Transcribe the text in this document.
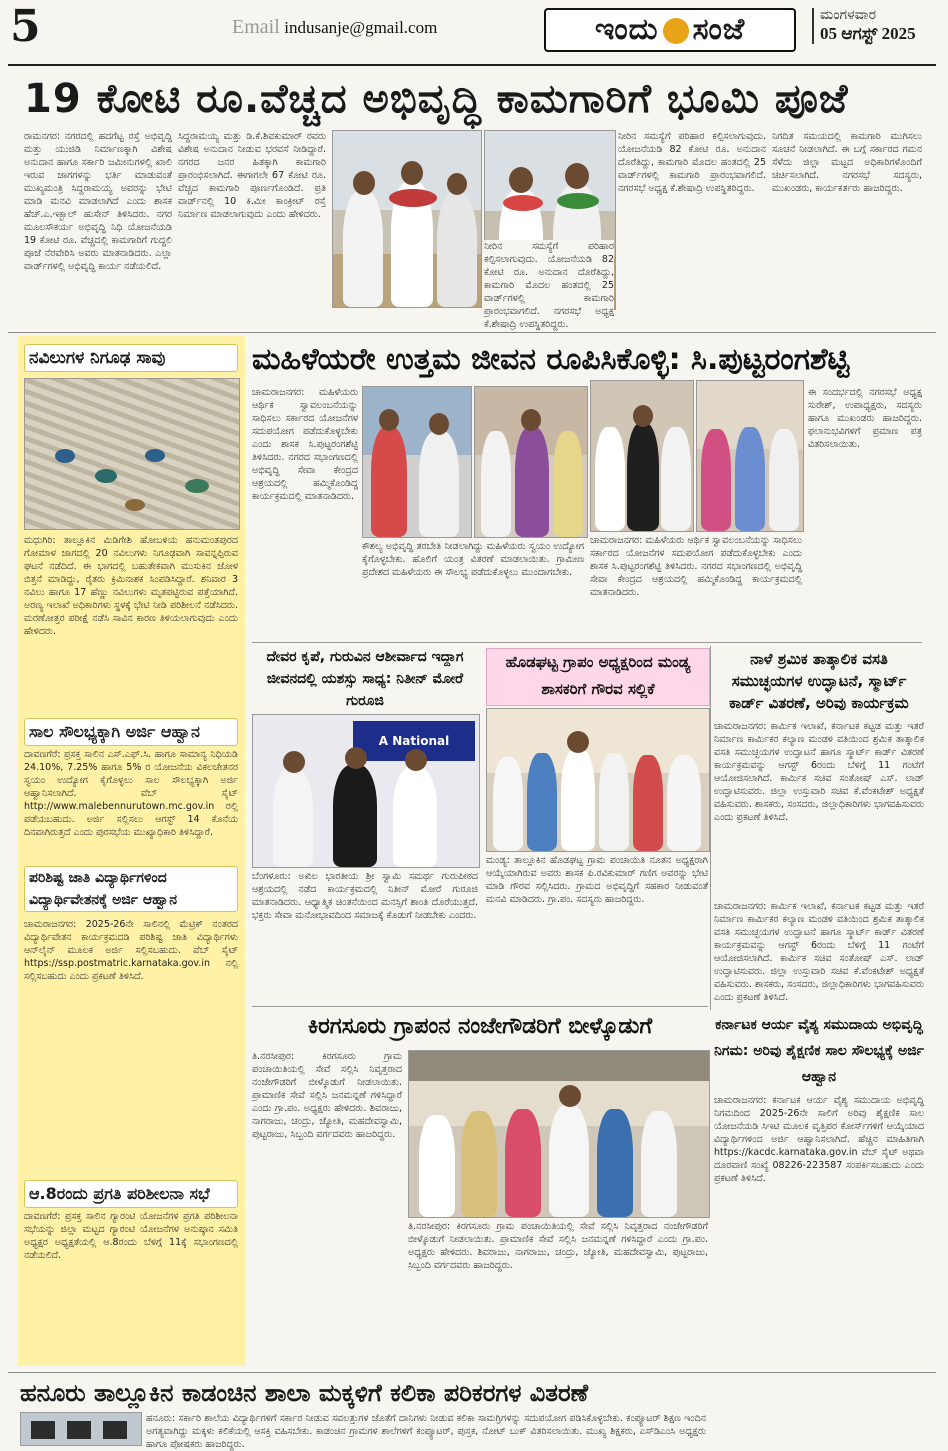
5	Email indusanje@gmail.com	ಇಂದು ಸಂಜೆ	ಮಂಗಳವಾರ
05 ಆಗಸ್ಟ್ 2025
19 ಕೋಟಿ ರೂ.ವೆಚ್ಚದ ಅಭಿವೃದ್ಧಿ ಕಾಮಗಾರಿಗೆ ಭೂಮಿ ಪೂಜೆ

ರಾಮನಗರ: ನಗರದಲ್ಲಿ ಹದಗೆಟ್ಟ ರಸ್ತೆ ಅಭಿವೃದ್ಧಿ ಮತ್ತು ಯುಜಿಡಿ ನಿರ್ಮಾಣಕ್ಕಾಗಿ ವಿಶೇಷ ಅನುದಾನ ಹಾಗೂ ಸರ್ಕಾರಿ ಜಮೀನುಗಳಲ್ಲಿ ಖಾಲಿ ಇರುವ ಜಾಗಗಳನ್ನು ಭರ್ತಿ ಮಾಡುವಂತೆ ಮುಖ್ಯಮಂತ್ರಿ ಸಿದ್ದರಾಮಯ್ಯ ಅವರನ್ನು ಭೇಟಿ ಮಾಡಿ ಮನವಿ ಮಾಡಲಾಗಿದೆ ಎಂದು ಶಾಸಕ ಹೆಚ್.ಎ.ಇಕ್ಬಾಲ್ ಹುಸೇನ್ ತಿಳಿಸಿದರು. ನಗರ ಮೂಲಸೌಕರ್ಯ ಅಭಿವೃದ್ಧಿ ನಿಧಿ ಯೋಜನೆಯಡಿ 19 ಕೋಟಿ ರೂ. ವೆಚ್ಚದಲ್ಲಿ ಕಾಮಗಾರಿಗೆ ಗುದ್ದಲಿ ಪೂಜೆ ನೆರವೇರಿಸಿ ಅವರು ಮಾತನಾಡಿದರು. ಎಲ್ಲಾ ವಾರ್ಡ್‌ಗಳಲ್ಲಿ ಅಭಿವೃದ್ಧಿ ಕಾರ್ಯ ನಡೆಯಲಿದೆ.

ಸಿದ್ದರಾಮಯ್ಯ ಮತ್ತು ಡಿ.ಕೆ.ಶಿವಕುಮಾರ್ ರವರು ವಿಶೇಷ ಅನುದಾನ ನೀಡುವ ಭರವಸೆ ನೀಡಿದ್ದಾರೆ. ನಗರದ ಜನರ ಹಿತಕ್ಕಾಗಿ ಕಾಮಗಾರಿ ಪ್ರಾರಂಭಿಸಲಾಗಿದೆ. ಈಗಾಗಲೇ 67 ಕೋಟಿ ರೂ. ವೆಚ್ಚದ ಕಾಮಗಾರಿ ಪೂರ್ಣಗೊಂಡಿದೆ. ಪ್ರತಿ ವಾರ್ಡ್‌ನಲ್ಲಿ 10 ಕಿ.ಮೀ ಕಾಂಕ್ರೀಟ್ ರಸ್ತೆ ನಿರ್ಮಾಣ ಮಾಡಲಾಗುವುದು ಎಂದು ಹೇಳಿದರು.

ನೀರಿನ ಸಮಸ್ಯೆಗೆ ಪರಿಹಾರ ಕಲ್ಪಿಸಲಾಗುವುದು. ಯೋಜನೆಯಡಿ 82 ಕೋಟಿ ರೂ. ಅನುದಾನ ದೊರೆತಿದ್ದು, ಕಾಮಗಾರಿ ಮೊದಲ ಹಂತದಲ್ಲಿ 25 ವಾರ್ಡ್‌ಗಳಲ್ಲಿ ಕಾಮಗಾರಿ ಪ್ರಾರಂಭವಾಗಲಿದೆ. ನಗರಸಭೆ ಅಧ್ಯಕ್ಷ ಕೆ.ಶೇಷಾದ್ರಿ ಉಪಸ್ಥಿತರಿದ್ದರು.

ನೀರಿನ ಸಮಸ್ಯೆಗೆ ಪರಿಹಾರ ಕಲ್ಪಿಸಲಾಗುವುದು. ಯೋಜನೆಯಡಿ 82 ಕೋಟಿ ರೂ. ಅನುದಾನ ದೊರೆತಿದ್ದು, ಕಾಮಗಾರಿ ಮೊದಲ ಹಂತದಲ್ಲಿ 25 ವಾರ್ಡ್‌ಗಳಲ್ಲಿ ಕಾಮಗಾರಿ ಪ್ರಾರಂಭವಾಗಲಿದೆ. ನಗರಸಭೆ ಅಧ್ಯಕ್ಷ ಕೆ.ಶೇಷಾದ್ರಿ ಉಪಸ್ಥಿತರಿದ್ದರು.

ನಿಗದಿತ ಸಮಯದಲ್ಲಿ ಕಾಮಗಾರಿ ಮುಗಿಸಲು ಸೂಚನೆ ನೀಡಲಾಗಿದೆ. ಈ ಬಗ್ಗೆ ಸರ್ಕಾರದ ಗಮನ ಸೆಳೆದು ಜಿಲ್ಲಾ ಮಟ್ಟದ ಅಧಿಕಾರಿಗಳೊಂದಿಗೆ ಚರ್ಚಿಸಲಾಗಿದೆ. ನಗರಸಭೆ ಸದಸ್ಯರು, ಮುಖಂಡರು, ಕಾರ್ಯಕರ್ತರು ಹಾಜರಿದ್ದರು.

ನವಿಲುಗಳ ನಿಗೂಢ ಸಾವು

ಮಧುಗಿರಿ: ತಾಲ್ಲೂಕಿನ ಮಿಡಿಗೇಶಿ ಹೋಬಳಿಯ ಹನುಮಂತಪುರದ ಗೋಮಾಳ ಜಾಗದಲ್ಲಿ 20 ನವಿಲುಗಳು ನಿಗೂಢವಾಗಿ ಸಾವನ್ನಪ್ಪಿರುವ ಘಟನೆ ನಡೆದಿದೆ. ಈ ಭಾಗದಲ್ಲಿ ಬಹುತೇಕವಾಗಿ ಮುಸುಕಿನ ಜೋಳ ಬಿತ್ತನೆ ಮಾಡಿದ್ದು, ರೈತರು ಕ್ರಿಮಿನಾಶಕ ಸಿಂಪಡಿಸಿದ್ದಾರೆ. ಶನಿವಾರ 3 ನವಿಲು ಹಾಗೂ 17 ಹೆಣ್ಣು ನವಿಲುಗಳು ಮೃತಪಟ್ಟಿರುವ ಪತ್ತೆಯಾಗಿದೆ. ಅರಣ್ಯ ಇಲಾಖೆ ಅಧಿಕಾರಿಗಳು ಸ್ಥಳಕ್ಕೆ ಭೇಟಿ ನೀಡಿ ಪರಿಶೀಲನೆ ನಡೆಸಿದರು. ಮರಣೋತ್ತರ ಪರೀಕ್ಷೆ ನಡೆಸಿ ಸಾವಿನ ಕಾರಣ ತಿಳಿಯಲಾಗುವುದು ಎಂದು ಹೇಳಿದರು.

ಸಾಲ ಸೌಲಭ್ಯಕ್ಕಾಗಿ ಅರ್ಜಿ ಆಹ್ವಾನ

ದಾವಣಗೆರೆ: ಪ್ರಸಕ್ತ ಸಾಲಿನ ಎಸ್.ಎಫ್.ಸಿ. ಹಾಗೂ ಸಾಮಾನ್ಯ ನಿಧಿಯಡಿ 24.10%, 7.25% ಹಾಗೂ 5% ರ ಯೋಜನೆಯ ವಿಕಲಚೇತನರ ಸ್ವಯಂ ಉದ್ಯೋಗ ಕೈಗೊಳ್ಳಲು ಸಾಲ ಸೌಲಭ್ಯಕ್ಕಾಗಿ ಅರ್ಜಿ ಆಹ್ವಾನಿಸಲಾಗಿದೆ. ವೆಬ್ ಸೈಟ್ http://www.malebennurutown.mc.gov.in ರಲ್ಲಿ ಪಡೆಯಬಹುದು. ಅರ್ಜಿ ಸಲ್ಲಿಸಲು ಆಗಸ್ಟ್ 14 ಕೊನೆಯ ದಿನವಾಗಿರುತ್ತದೆ ಎಂದು ಪುರಸಭೆಯ ಮುಖ್ಯಾಧಿಕಾರಿ ತಿಳಿಸಿದ್ದಾರೆ.

ಪರಿಶಿಷ್ಟ ಜಾತಿ ವಿದ್ಯಾರ್ಥಿಗಳಿಂದ ವಿದ್ಯಾರ್ಥಿವೇತನಕ್ಕೆ ಅರ್ಜಿ ಆಹ್ವಾನ

ಚಾಮರಾಜನಗರ: 2025-26ನೇ ಸಾಲಿನಲ್ಲಿ ಮೆಟ್ರಿಕ್ ನಂತರದ ವಿದ್ಯಾರ್ಥಿವೇತನ ಕಾರ್ಯಕ್ರಮದಡಿ ಪರಿಶಿಷ್ಟ ಜಾತಿ ವಿದ್ಯಾರ್ಥಿಗಳು ಆನ್‌ಲೈನ್ ಮೂಲಕ ಅರ್ಜಿ ಸಲ್ಲಿಸಬಹುದು. ವೆಬ್ ಸೈಟ್ https://ssp.postmatric.karnataka.gov.in ನಲ್ಲಿ ಸಲ್ಲಿಸಬಹುದು ಎಂದು ಪ್ರಕಟಣೆ ತಿಳಿಸಿದೆ.

ಆ.8ರಂದು ಪ್ರಗತಿ ಪರಿಶೀಲನಾ ಸಭೆ

ದಾವಣಗೆರೆ: ಪ್ರಸಕ್ತ ಸಾಲಿನ ಗ್ಯಾರಂಟಿ ಯೋಜನೆಗಳ ಪ್ರಗತಿ ಪರಿಶೀಲನಾ ಸಭೆಯನ್ನು ಜಿಲ್ಲಾ ಮಟ್ಟದ ಗ್ಯಾರಂಟಿ ಯೋಜನೆಗಳ ಅನುಷ್ಠಾನ ಸಮಿತಿ ಅಧ್ಯಕ್ಷರ ಅಧ್ಯಕ್ಷತೆಯಲ್ಲಿ ಆ.8ರಂದು ಬೆಳಿಗ್ಗೆ 11ಕ್ಕೆ ಸಭಾಂಗಣದಲ್ಲಿ ನಡೆಯಲಿದೆ.

ಮಹಿಳೆಯರೇ ಉತ್ತಮ ಜೀವನ ರೂಪಿಸಿಕೊಳ್ಳಿ: ಸಿ.ಪುಟ್ಟರಂಗಶೆಟ್ಟಿ

ಚಾಮರಾಜನಗರ: ಮಹಿಳೆಯರು ಆರ್ಥಿಕ ಸ್ವಾವಲಂಬನೆಯನ್ನು ಸಾಧಿಸಲು ಸರ್ಕಾರದ ಯೋಜನೆಗಳ ಸದುಪಯೋಗ ಪಡೆದುಕೊಳ್ಳಬೇಕು ಎಂದು ಶಾಸಕ ಸಿ.ಪುಟ್ಟರಂಗಶೆಟ್ಟಿ ತಿಳಿಸಿದರು. ನಗರದ ಸಭಾಂಗಣದಲ್ಲಿ ಅಭಿವೃದ್ಧಿ ಸೇವಾ ಕೇಂದ್ರದ ಆಶ್ರಯದಲ್ಲಿ ಹಮ್ಮಿಕೊಂಡಿದ್ದ ಕಾರ್ಯಕ್ರಮದಲ್ಲಿ ಮಾತನಾಡಿದರು.

ಕೌಶಲ್ಯ ಅಭಿವೃದ್ಧಿ ತರಬೇತಿ ನೀಡಲಾಗಿದ್ದು ಮಹಿಳೆಯರು ಸ್ವಯಂ ಉದ್ಯೋಗ ಕೈಗೊಳ್ಳಬೇಕು. ಹೊಲಿಗೆ ಯಂತ್ರ ವಿತರಣೆ ಮಾಡಲಾಯಿತು. ಗ್ರಾಮೀಣ ಪ್ರದೇಶದ ಮಹಿಳೆಯರು ಈ ಸೌಲಭ್ಯ ಪಡೆದುಕೊಳ್ಳಲು ಮುಂದಾಗಬೇಕು.

ಚಾಮರಾಜನಗರ: ಮಹಿಳೆಯರು ಆರ್ಥಿಕ ಸ್ವಾವಲಂಬನೆಯನ್ನು ಸಾಧಿಸಲು ಸರ್ಕಾರದ ಯೋಜನೆಗಳ ಸದುಪಯೋಗ ಪಡೆದುಕೊಳ್ಳಬೇಕು ಎಂದು ಶಾಸಕ ಸಿ.ಪುಟ್ಟರಂಗಶೆಟ್ಟಿ ತಿಳಿಸಿದರು. ನಗರದ ಸಭಾಂಗಣದಲ್ಲಿ ಅಭಿವೃದ್ಧಿ ಸೇವಾ ಕೇಂದ್ರದ ಆಶ್ರಯದಲ್ಲಿ ಹಮ್ಮಿಕೊಂಡಿದ್ದ ಕಾರ್ಯಕ್ರಮದಲ್ಲಿ ಮಾತನಾಡಿದರು.

ಈ ಸಂದರ್ಭದಲ್ಲಿ ನಗರಸಭೆ ಅಧ್ಯಕ್ಷ ಸುರೇಶ್, ಉಪಾಧ್ಯಕ್ಷರು, ಸದಸ್ಯರು ಹಾಗೂ ಮುಖಂಡರು ಹಾಜರಿದ್ದರು. ಫಲಾನುಭವಿಗಳಿಗೆ ಪ್ರಮಾಣ ಪತ್ರ ವಿತರಿಸಲಾಯಿತು.

ದೇವರ ಕೃಪೆ, ಗುರುವಿನ ಆಶೀರ್ವಾದ ಇದ್ದಾಗ ಜೀವನದಲ್ಲಿ ಯಶಸ್ಸು ಸಾಧ್ಯ: ನಿತೀನ್ ಮೋರೆ ಗುರೂಜಿ
A National

ಬೆಂಗಳೂರು: ಅಖಿಲ ಭಾರತೀಯ ಶ್ರೀ ಸ್ವಾಮಿ ಸಮರ್ಥ ಗುರುಪೀಠದ ಆಶ್ರಯದಲ್ಲಿ ನಡೆದ ಕಾರ್ಯಕ್ರಮದಲ್ಲಿ ನಿತೀನ್ ಮೋರೆ ಗುರೂಜಿ ಮಾತನಾಡಿದರು. ಆಧ್ಯಾತ್ಮಿಕ ಚಿಂತನೆಯಿಂದ ಮನಸ್ಸಿಗೆ ಶಾಂತಿ ದೊರೆಯುತ್ತದೆ. ಭಕ್ತರು ಸೇವಾ ಮನೋಭಾವದಿಂದ ಸಮಾಜಕ್ಕೆ ಕೊಡುಗೆ ನೀಡಬೇಕು ಎಂದರು.

ಹೊಡಘಟ್ಟ ಗ್ರಾಪಂ ಅಧ್ಯಕ್ಷರಿಂದ ಮಂಡ್ಯ ಶಾಸಕರಿಗೆ ಗೌರವ ಸಲ್ಲಿಕೆ

ಮಂಡ್ಯ: ತಾಲ್ಲೂಕಿನ ಹೊಡಘಟ್ಟ ಗ್ರಾಮ ಪಂಚಾಯಿತಿ ನೂತನ ಅಧ್ಯಕ್ಷರಾಗಿ ಆಯ್ಕೆಯಾಗಿರುವ ಅವರು ಶಾಸಕ ಪಿ.ರವಿಕುಮಾರ್ ಗಣಿಗ ಅವರನ್ನು ಭೇಟಿ ಮಾಡಿ ಗೌರವ ಸಲ್ಲಿಸಿದರು. ಗ್ರಾಮದ ಅಭಿವೃದ್ಧಿಗೆ ಸಹಕಾರ ನೀಡುವಂತೆ ಮನವಿ ಮಾಡಿದರು. ಗ್ರಾ.ಪಂ. ಸದಸ್ಯರು ಹಾಜರಿದ್ದರು.

ನಾಳೆ ಶ್ರಮಿಕ ತಾತ್ಕಾಲಿಕ ವಸತಿ ಸಮುಚ್ಛಯಗಳ ಉದ್ಘಾಟನೆ, ಸ್ಮಾರ್ಟ್ ಕಾರ್ಡ್ ವಿತರಣೆ, ಅರಿವು ಕಾರ್ಯಕ್ರಮ

ಚಾಮರಾಜನಗರ: ಕಾರ್ಮಿಕ ಇಲಾಖೆ, ಕರ್ನಾಟಕ ಕಟ್ಟಡ ಮತ್ತು ಇತರೆ ನಿರ್ಮಾಣ ಕಾರ್ಮಿಕರ ಕಲ್ಯಾಣ ಮಂಡಳಿ ವತಿಯಿಂದ ಶ್ರಮಿಕ ತಾತ್ಕಾಲಿಕ ವಸತಿ ಸಮುಚ್ಛಯಗಳ ಉದ್ಘಾಟನೆ ಹಾಗೂ ಸ್ಮಾರ್ಟ್ ಕಾರ್ಡ್ ವಿತರಣೆ ಕಾರ್ಯಕ್ರಮವನ್ನು ಆಗಸ್ಟ್ 6ರಂದು ಬೆಳಿಗ್ಗೆ 11 ಗಂಟೆಗೆ ಆಯೋಜಿಸಲಾಗಿದೆ. ಕಾರ್ಮಿಕ ಸಚಿವ ಸಂತೋಷ್ ಎಸ್. ಲಾಡ್ ಉದ್ಘಾಟಿಸುವರು. ಜಿಲ್ಲಾ ಉಸ್ತುವಾರಿ ಸಚಿವ ಕೆ.ವೆಂಕಟೇಶ್ ಅಧ್ಯಕ್ಷತೆ ವಹಿಸುವರು. ಶಾಸಕರು, ಸಂಸದರು, ಜಿಲ್ಲಾಧಿಕಾರಿಗಳು ಭಾಗವಹಿಸುವರು ಎಂದು ಪ್ರಕಟಣೆ ತಿಳಿಸಿದೆ.

ಚಾಮರಾಜನಗರ: ಕಾರ್ಮಿಕ ಇಲಾಖೆ, ಕರ್ನಾಟಕ ಕಟ್ಟಡ ಮತ್ತು ಇತರೆ ನಿರ್ಮಾಣ ಕಾರ್ಮಿಕರ ಕಲ್ಯಾಣ ಮಂಡಳಿ ವತಿಯಿಂದ ಶ್ರಮಿಕ ತಾತ್ಕಾಲಿಕ ವಸತಿ ಸಮುಚ್ಛಯಗಳ ಉದ್ಘಾಟನೆ ಹಾಗೂ ಸ್ಮಾರ್ಟ್ ಕಾರ್ಡ್ ವಿತರಣೆ ಕಾರ್ಯಕ್ರಮವನ್ನು ಆಗಸ್ಟ್ 6ರಂದು ಬೆಳಿಗ್ಗೆ 11 ಗಂಟೆಗೆ ಆಯೋಜಿಸಲಾಗಿದೆ. ಕಾರ್ಮಿಕ ಸಚಿವ ಸಂತೋಷ್ ಎಸ್. ಲಾಡ್ ಉದ್ಘಾಟಿಸುವರು. ಜಿಲ್ಲಾ ಉಸ್ತುವಾರಿ ಸಚಿವ ಕೆ.ವೆಂಕಟೇಶ್ ಅಧ್ಯಕ್ಷತೆ ವಹಿಸುವರು. ಶಾಸಕರು, ಸಂಸದರು, ಜಿಲ್ಲಾಧಿಕಾರಿಗಳು ಭಾಗವಹಿಸುವರು ಎಂದು ಪ್ರಕಟಣೆ ತಿಳಿಸಿದೆ.

ಕಿರಗಸೂರು ಗ್ರಾಪಂನ ನಂಜೇಗೌಡರಿಗೆ ಬೀಳ್ಕೊಡುಗೆ

ತಿ.ನರಸೀಪುರ: ಕಿರಗಸೂರು ಗ್ರಾಮ ಪಂಚಾಯಿತಿಯಲ್ಲಿ ಸೇವೆ ಸಲ್ಲಿಸಿ ನಿವೃತ್ತರಾದ ನಂಜೇಗೌಡರಿಗೆ ಬೀಳ್ಕೊಡುಗೆ ನೀಡಲಾಯಿತು. ಪ್ರಾಮಾಣಿಕ ಸೇವೆ ಸಲ್ಲಿಸಿ ಜನಮನ್ನಣೆ ಗಳಿಸಿದ್ದಾರೆ ಎಂದು ಗ್ರಾ.ಪಂ. ಅಧ್ಯಕ್ಷರು ಹೇಳಿದರು. ಶಿವರಾಜು, ನಾಗರಾಜು, ಚಂದ್ರು, ಜ್ಯೋತಿ, ಮಹದೇವಸ್ವಾಮಿ, ಪುಟ್ಟರಾಜು, ಸಿಬ್ಬಂದಿ ವರ್ಗದವರು ಹಾಜರಿದ್ದರು.

ತಿ.ನರಸೀಪುರ: ಕಿರಗಸೂರು ಗ್ರಾಮ ಪಂಚಾಯಿತಿಯಲ್ಲಿ ಸೇವೆ ಸಲ್ಲಿಸಿ ನಿವೃತ್ತರಾದ ನಂಜೇಗೌಡರಿಗೆ ಬೀಳ್ಕೊಡುಗೆ ನೀಡಲಾಯಿತು. ಪ್ರಾಮಾಣಿಕ ಸೇವೆ ಸಲ್ಲಿಸಿ ಜನಮನ್ನಣೆ ಗಳಿಸಿದ್ದಾರೆ ಎಂದು ಗ್ರಾ.ಪಂ. ಅಧ್ಯಕ್ಷರು ಹೇಳಿದರು. ಶಿವರಾಜು, ನಾಗರಾಜು, ಚಂದ್ರು, ಜ್ಯೋತಿ, ಮಹದೇವಸ್ವಾಮಿ, ಪುಟ್ಟರಾಜು, ಸಿಬ್ಬಂದಿ ವರ್ಗದವರು ಹಾಜರಿದ್ದರು.

ಕರ್ನಾಟಕ ಆರ್ಯ ವೈಶ್ಯ ಸಮುದಾಯ ಅಭಿವೃದ್ಧಿ ನಿಗಮ: ಅರಿವು ಶೈಕ್ಷಣಿಕ ಸಾಲ ಸೌಲಭ್ಯಕ್ಕೆ ಅರ್ಜಿ ಆಹ್ವಾನ

ಚಾಮರಾಜನಗರ: ಕರ್ನಾಟಕ ಆರ್ಯ ವೈಶ್ಯ ಸಮುದಾಯ ಅಭಿವೃದ್ಧಿ ನಿಗಮದಿಂದ 2025-26ನೇ ಸಾಲಿಗೆ ಅರಿವು ಶೈಕ್ಷಣಿಕ ಸಾಲ ಯೋಜನೆಯಡಿ ಸಿಇಟಿ ಮೂಲಕ ವೃತ್ತಿಪರ ಕೋರ್ಸ್‌ಗಳಿಗೆ ಆಯ್ಕೆಯಾದ ವಿದ್ಯಾರ್ಥಿಗಳಿಂದ ಅರ್ಜಿ ಆಹ್ವಾನಿಸಲಾಗಿದೆ. ಹೆಚ್ಚಿನ ಮಾಹಿತಿಗಾಗಿ https://kacdc.karnataka.gov.in ವೆಬ್ ಸೈಟ್ ಅಥವಾ ದೂರವಾಣಿ ಸಂಖ್ಯೆ 08226-223587 ಸಂಪರ್ಕಿಸಬಹುದು ಎಂದು ಪ್ರಕಟಣೆ ತಿಳಿಸಿದೆ.

ಹನೂರು ತಾಲ್ಲೂಕಿನ ಕಾಡಂಚಿನ ಶಾಲಾ ಮಕ್ಕಳಿಗೆ ಕಲಿಕಾ ಪರಿಕರಗಳ ವಿತರಣೆ

ಹನೂರು: ಸರ್ಕಾರಿ ಶಾಲೆಯ ವಿದ್ಯಾರ್ಥಿಗಳಿಗೆ ಸರ್ಕಾರ ನೀಡುವ ಸವಲತ್ತುಗಳ ಜೊತೆಗೆ ದಾನಿಗಳು ನೀಡುವ ಕಲಿಕಾ ಸಾಮಗ್ರಿಗಳನ್ನು ಸದುಪಯೋಗ ಪಡಿಸಿಕೊಳ್ಳಬೇಕು. ಕಂಪ್ಯೂಟರ್ ಶಿಕ್ಷಣ ಇಂದಿನ ಅಗತ್ಯವಾಗಿದ್ದು ಮಕ್ಕಳು ಕಲಿಕೆಯಲ್ಲಿ ಆಸಕ್ತಿ ವಹಿಸಬೇಕು. ಕಾಡಂಚಿನ ಗ್ರಾಮಗಳ ಶಾಲೆಗಳಿಗೆ ಕಂಪ್ಯೂಟರ್, ಪುಸ್ತಕ, ನೋಟ್ ಬುಕ್ ವಿತರಿಸಲಾಯಿತು. ಮುಖ್ಯ ಶಿಕ್ಷಕರು, ಎಸ್‌ಡಿಎಂಸಿ ಅಧ್ಯಕ್ಷರು ಹಾಗೂ ಪೋಷಕರು ಹಾಜರಿದ್ದರು.
